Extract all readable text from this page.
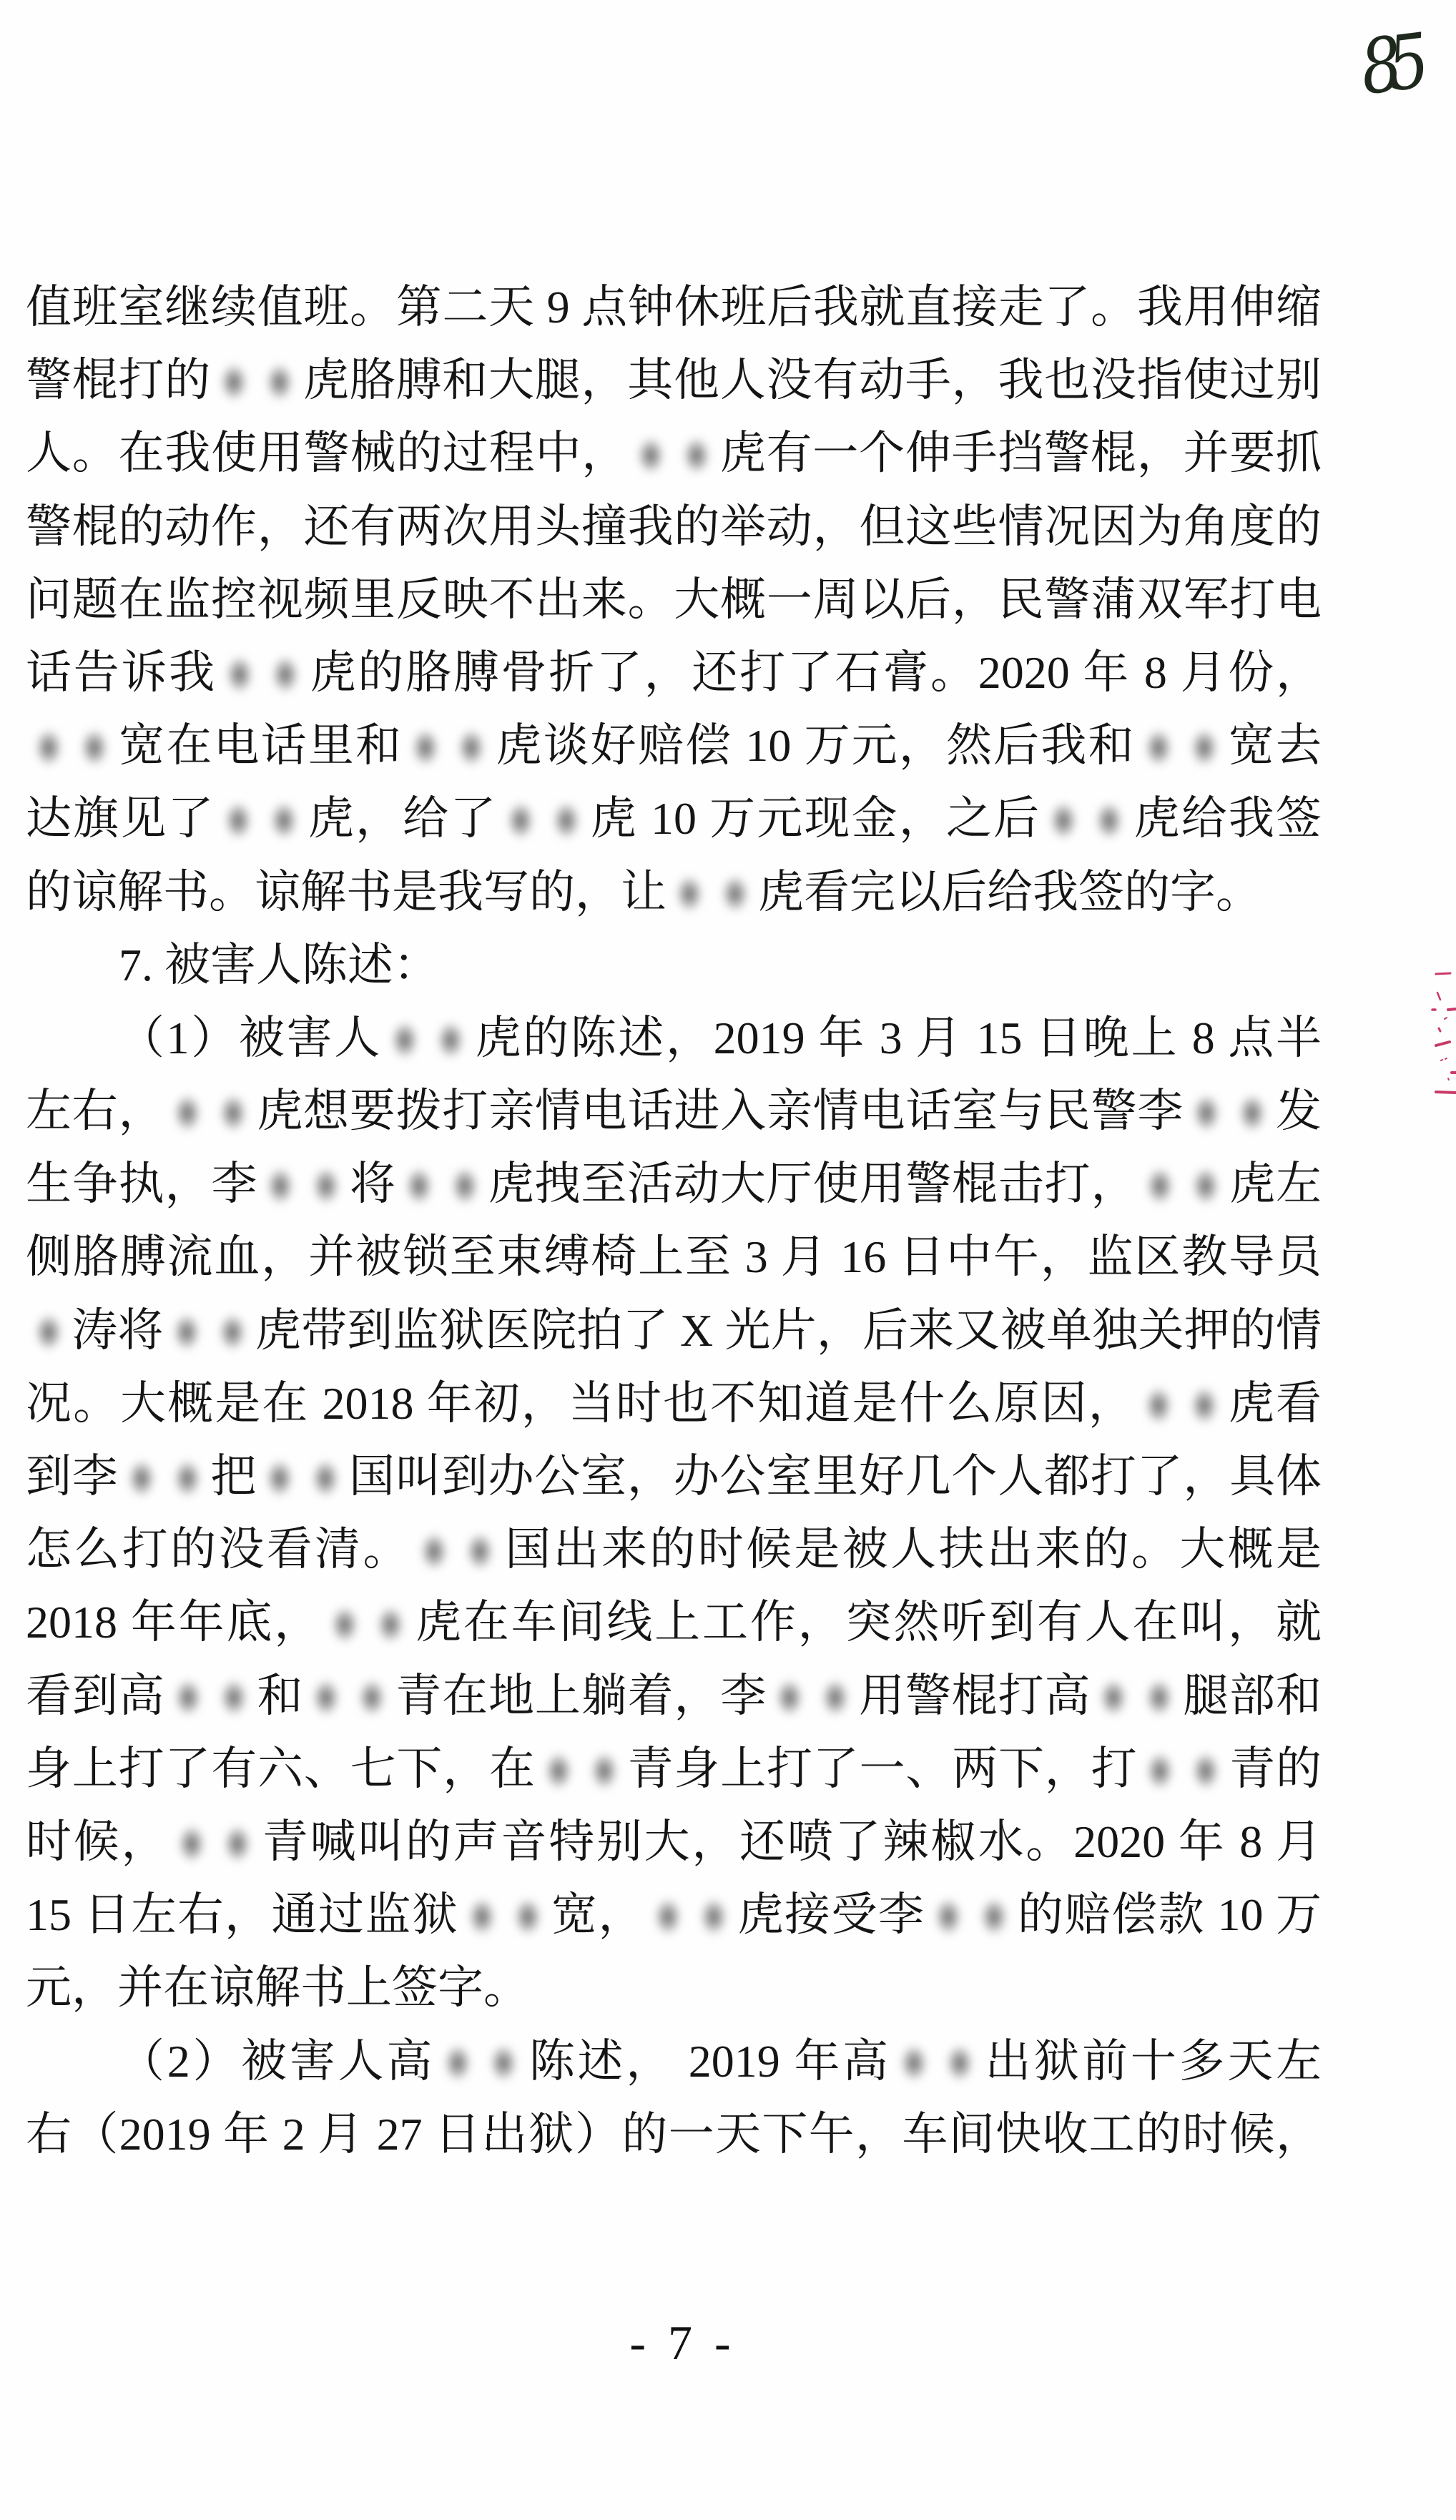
85
值班室继续值班。第二天 9 点钟休班后我就直接走了。我用伸缩
警棍打的 虎胳膊和大腿，其他人没有动手，我也没指使过别
人。在我使用警械的过程中， 虎有一个伸手挡警棍，并要抓
警棍的动作，还有两次用头撞我的举动，但这些情况因为角度的
问题在监控视频里反映不出来。大概一周以后，民警蒲双军打电
话告诉我 虎的胳膊骨折了，还打了石膏。2020 年 8 月份，
宽在电话里和 虎谈好赔偿 10 万元，然后我和 宽去
达旗见了 虎，给了 虎 10 万元现金，之后 虎给我签
的谅解书。谅解书是我写的，让 虎看完以后给我签的字。
7. 被害人陈述：
（1）被害人 虎的陈述，2019 年 3 月 15 日晚上 8 点半
左右， 虎想要拨打亲情电话进入亲情电话室与民警李 发
生争执，李 将 虎拽至活动大厅使用警棍击打， 虎左
侧胳膊流血，并被锁至束缚椅上至 3 月 16 日中午，监区教导员
涛将 虎带到监狱医院拍了 X 光片，后来又被单独关押的情
况。大概是在 2018 年初，当时也不知道是什么原因， 虎看
到李 把 国叫到办公室，办公室里好几个人都打了，具体
怎么打的没看清。 国出来的时候是被人扶出来的。大概是
2018 年年底， 虎在车间线上工作，突然听到有人在叫，就
看到高 和 青在地上躺着，李 用警棍打高 腿部和
身上打了有六、七下，在 青身上打了一、两下，打 青的
时候， 青喊叫的声音特别大，还喷了辣椒水。2020 年 8 月
15 日左右，通过监狱 宽， 虎接受李 的赔偿款 10 万
元，并在谅解书上签字。
（2）被害人高 陈述， 2019 年高 出狱前十多天左
右（2019 年 2 月 27 日出狱）的一天下午，车间快收工的时候，
- 7 -
